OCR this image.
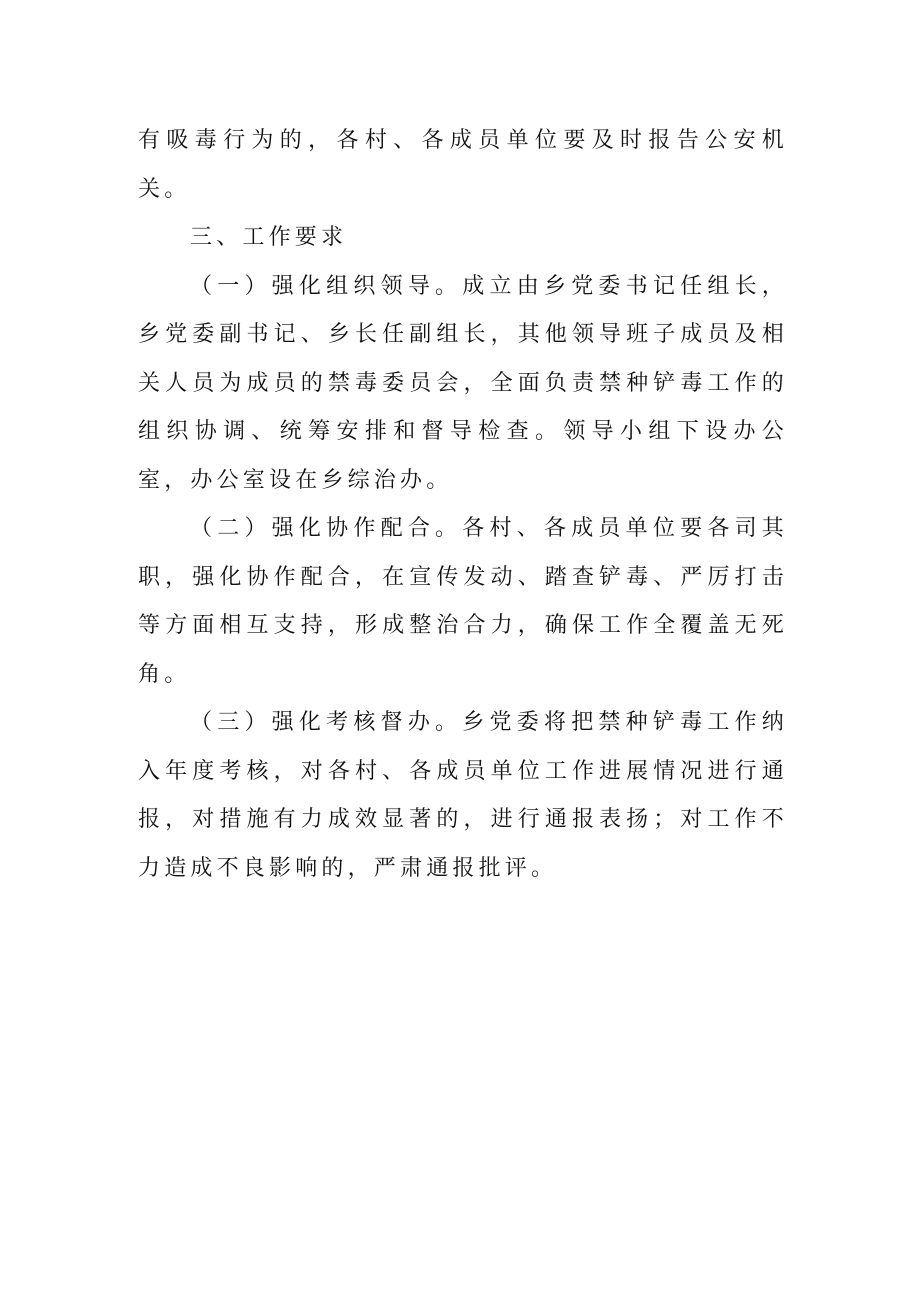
有吸毒行为的，各村、各成员单位要及时报告公安机关。

三、工作要求

（一）强化组织领导。成立由乡党委书记任组长，乡党委副书记、乡长任副组长，其他领导班子成员及相关人员为成员的禁毒委员会，全面负责禁种铲毒工作的组织协调、统筹安排和督导检查。领导小组下设办公室，办公室设在乡综治办。

（二）强化协作配合。各村、各成员单位要各司其职，强化协作配合，在宣传发动、踏查铲毒、严厉打击等方面相互支持，形成整治合力，确保工作全覆盖无死角。

（三）强化考核督办。乡党委将把禁种铲毒工作纳入年度考核，对各村、各成员单位工作进展情况进行通报，对措施有力成效显著的，进行通报表扬；对工作不力造成不良影响的，严肃通报批评。
